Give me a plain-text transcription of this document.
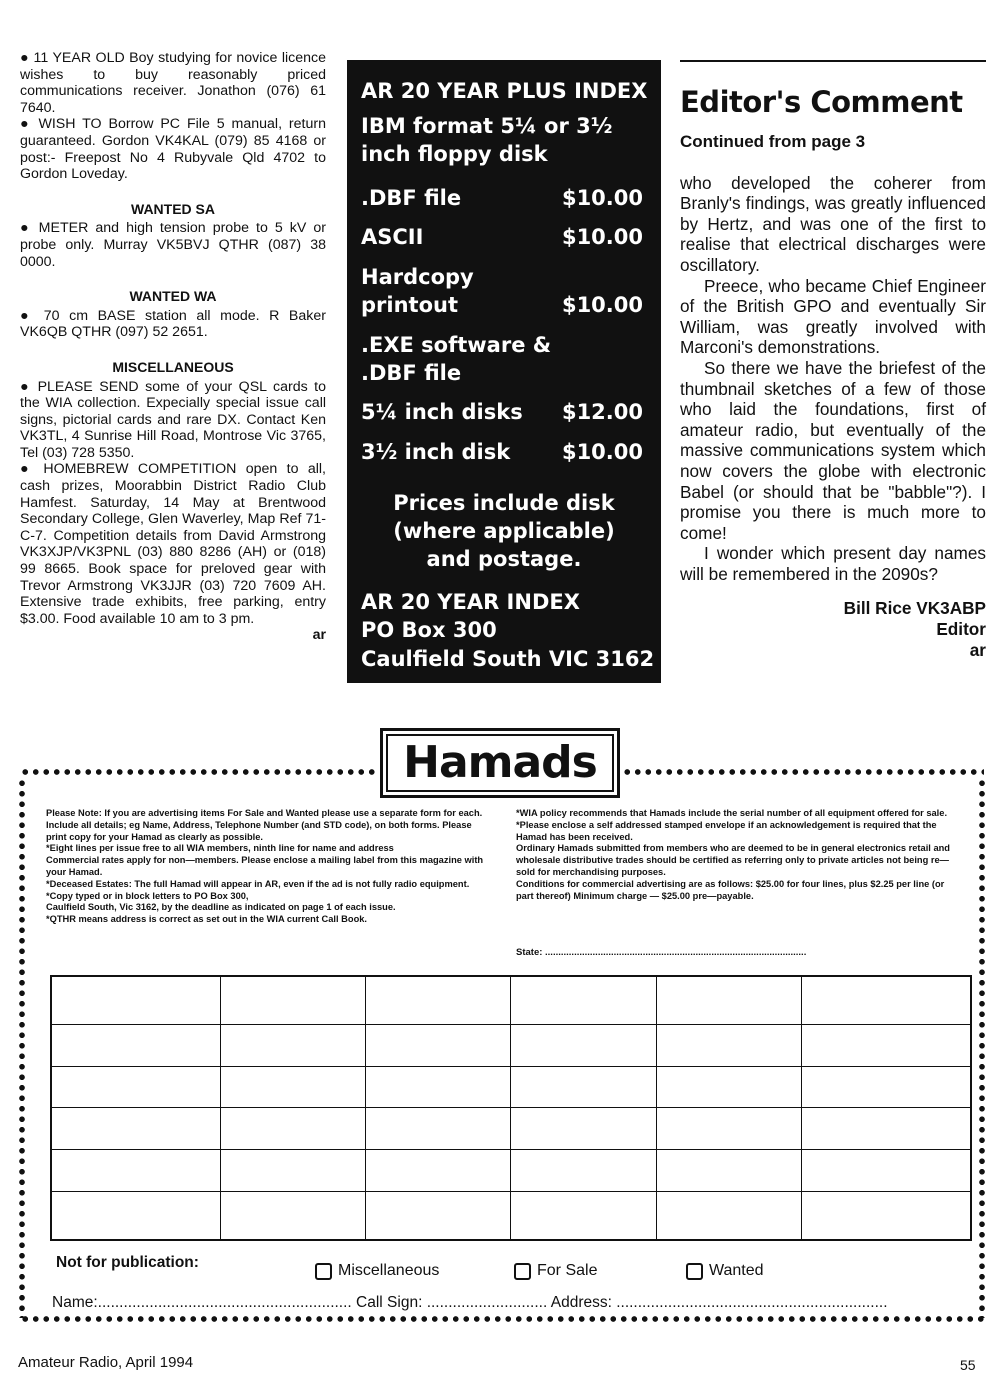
● 11 YEAR OLD Boy studying for novice licence wishes to buy reasonably priced communications receiver. Jonathon (076) 61 7640.

● WISH TO Borrow PC File 5 manual, return guaranteed. Gordon VK4KAL (079) 85 4168 or post:- Freepost No 4 Rubyvale Qld 4702 to Gordon Loveday.

WANTED SA

● METER and high tension probe to 5 kV or probe only. Murray VK5BVJ QTHR (087) 38 0000.

WANTED WA

● 70 cm BASE station all mode. R Baker VK6QB QTHR (097) 52 2651.

MISCELLANEOUS

● PLEASE SEND some of your QSL cards to the WIA collection. Expecially special issue call signs, pictorial cards and rare DX. Contact Ken VK3TL, 4 Sunrise Hill Road, Montrose Vic 3765, Tel (03) 728 5350.

● HOMEBREW COMPETITION open to all, cash prizes, Moorabbin District Radio Club Hamfest. Saturday, 14 May at Brentwood Secondary College, Glen Waverley, Map Ref 71-C-7. Competition details from David Armstrong VK3XJP/VK3PNL (03) 880 8286 (AH) or (018) 99 8665. Book space for preloved gear with Trevor Armstrong VK3JJR (03) 720 7609 AH. Extensive trade exhibits, free parking, entry $3.00. Food available 10 am to 3 pm.

ar
AR 20 YEAR PLUS INDEX
IBM format 5¼ or 3½
inch floppy disk
.DBF file	$10.00
ASCII	$10.00
Hardcopy
printout	$10.00
.EXE software &
.DBF file
5¼ inch disks $12.00
3½ inch disk $10.00
Prices include disk
(where applicable)
and postage.
AR 20 YEAR INDEX
PO Box 300
Caulfield South VIC 3162
Editor's Comment
Continued from page 3

who developed the coherer from Branly's findings, was greatly influenced by Hertz, and was one of the first to realise that electrical discharges were oscillatory.

Preece, who became Chief Engineer of the British GPO and eventually Sir William, was greatly involved with Marconi's demonstrations.

So there we have the briefest of the thumbnail sketches of a few of those who laid the foundations, first of amateur radio, but eventually of the massive communications system which now covers the globe with electronic Babel (or should that be "babble"?). I promise you there is much more to come!

I wonder which present day names will be remembered in the 2090s?

Bill Rice VK3ABP
Editor
ar
Hamads

Please Note: If you are advertising items For Sale and Wanted please use a separate form for each. Include all details; eg Name, Address, Telephone Number (and STD code), on both forms. Please print copy for your Hamad as clearly as possible.

*Eight lines per issue free to all WIA members, ninth line for name and address

Commercial rates apply for non—members. Please enclose a mailing label from this magazine with your Hamad.

*Deceased Estates: The full Hamad will appear in AR, even if the ad is not fully radio equipment.

*Copy typed or in block letters to PO Box 300,

Caulfield South, Vic 3162, by the deadline as indicated on page 1 of each issue.

*QTHR means address is correct as set out in the WIA current Call Book.

*WIA policy recommends that Hamads include the serial number of all equipment offered for sale.

*Please enclose a self addressed stamped envelope if an acknowledgement is required that the Hamad has been received.

Ordinary Hamads submitted from members who are deemed to be in general electronics retail and wholesale distributive trades should be certified as referring only to private articles not being re—sold for merchandising purposes.

Conditions for commercial advertising are as follows: $25.00 for four lines, plus $2.25 per line (or part thereof) Minimum charge — $25.00 pre—payable.

State: ...................................................................................................

Not for publication:	Miscellaneous	For Sale	Wanted
Name:........................................................... Call Sign: ............................ Address: ...............................................................
Amateur Radio, April 1994	55
